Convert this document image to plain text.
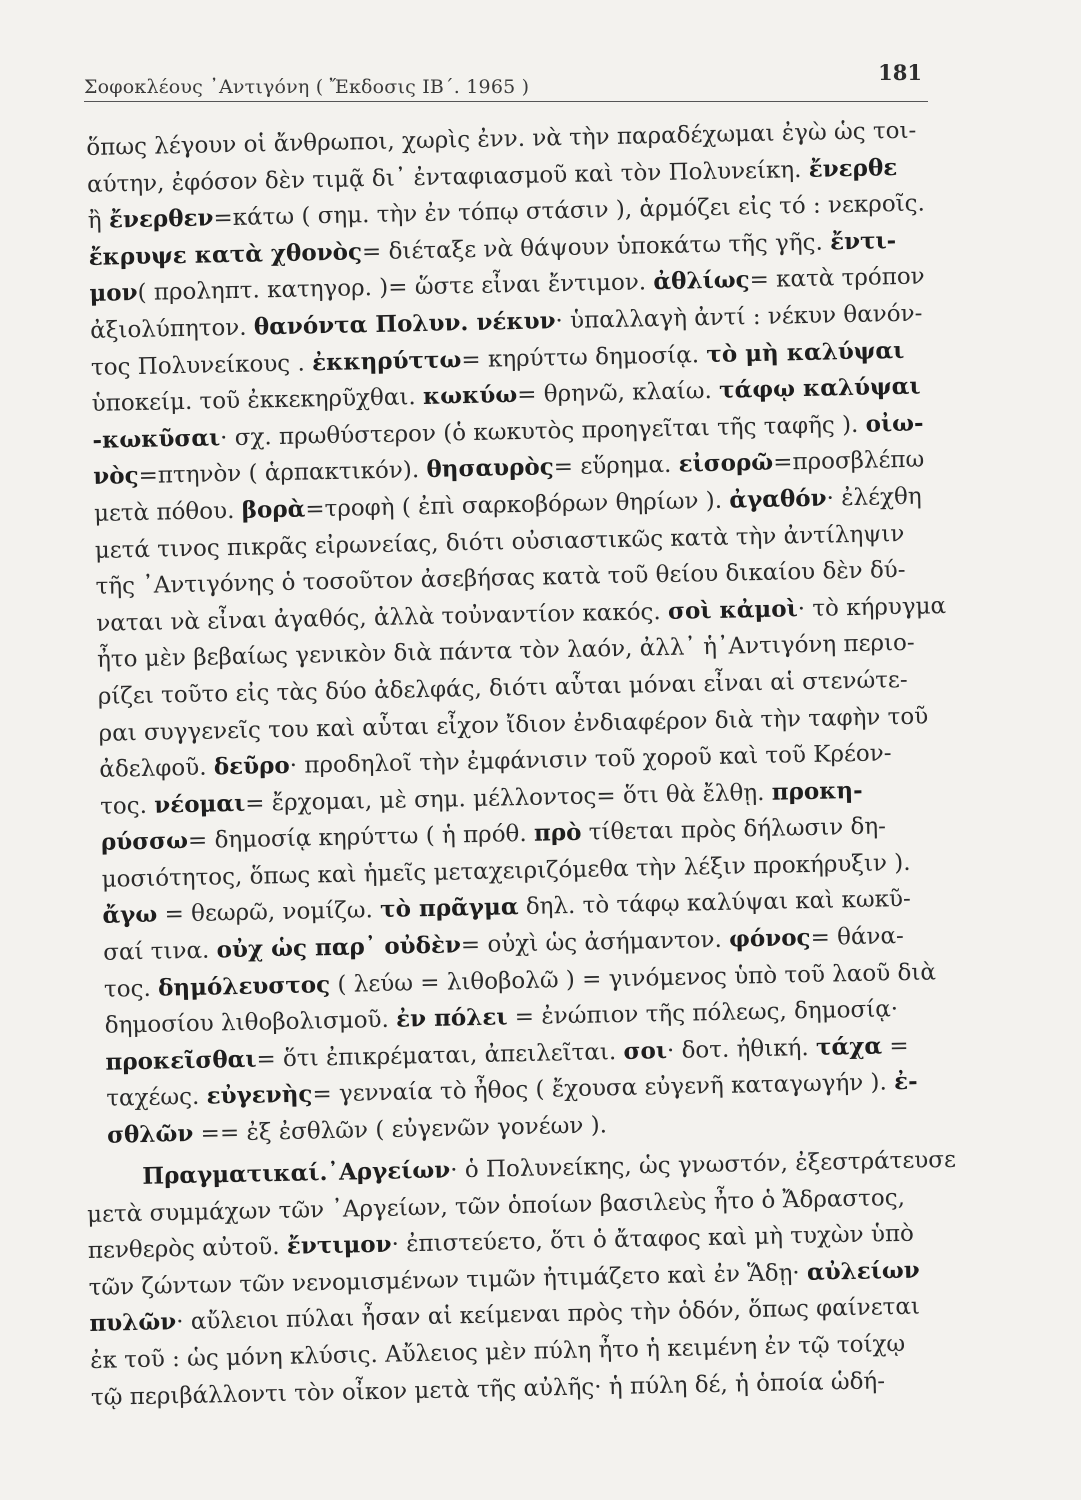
Σοφοκλέους ᾿Αντιγόνη ( Ἔκδοσις ΙΒ΄. 1965 )
181
ὅπως λέγουν οἱ ἄνθρωποι, χωρὶς ἐνν. νὰ τὴν παραδέχωμαι ἐγὼ ὡς τοι-
αύτην, ἐφόσον δὲν τιμᾷ δι᾿ ἐνταφιασμοῦ καὶ τὸν Πολυνείκη. ἔνερθε
ἢ ἔνερθεν=κάτω ( σημ. τὴν ἐν τόπῳ στάσιν ), ἁρμόζει εἰς τό : νεκροῖς.
ἔκρυψε κατὰ χθονὸς= διέταξε νὰ θάψουν ὑποκάτω τῆς γῆς. ἔντι-
μον( προληπτ. κατηγορ. )= ὥστε εἶναι ἔντιμον. ἀθλίως= κατὰ τρόπον
ἀξιολύπητον. θανόντα Πολυν. νέκυν· ὑπαλλαγὴ ἀντί : νέκυν θανόν-
τος Πολυνείκους . ἐκκηρύττω= κηρύττω δημοσίᾳ. τὸ μὴ καλύψαι
ὑποκείμ. τοῦ ἐκκεκηρῦχθαι. κωκύω= θρηνῶ, κλαίω. τάφῳ καλύψαι
-κωκῦσαι· σχ. πρωθύστερον (ὁ κωκυτὸς προηγεῖται τῆς ταφῆς ). οἰω-
νὸς=πτηνὸν ( ἁρπακτικόν). θησαυρὸς= εὕρημα. εἰσορῶ=προσβλέπω
μετὰ πόθου. βορὰ=τροφὴ ( ἐπὶ σαρκοβόρων θηρίων ). ἀγαθόν· ἐλέχθη
μετά τινος πικρᾶς εἰρωνείας, διότι οὐσιαστικῶς κατὰ τὴν ἀντίληψιν
τῆς ᾿Αντιγόνης ὁ τοσοῦτον ἀσεβήσας κατὰ τοῦ θείου δικαίου δὲν δύ-
ναται νὰ εἶναι ἀγαθός, ἀλλὰ τοὐναντίον κακός. σοὶ κἀμοὶ· τὸ κήρυγμα
ἦτο μὲν βεβαίως γενικὸν διὰ πάντα τὸν λαόν, ἀλλ᾿ ἡ᾿Αντιγόνη περιο-
ρίζει τοῦτο εἰς τὰς δύο ἀδελφάς, διότι αὗται μόναι εἶναι αἱ στενώτε-
ραι συγγενεῖς του καὶ αὗται εἶχον ἴδιον ἐνδιαφέρον διὰ τὴν ταφὴν τοῦ
ἀδελφοῦ. δεῦρο· προδηλοῖ τὴν ἐμφάνισιν τοῦ χοροῦ καὶ τοῦ Κρέον-
τος. νέομαι= ἔρχομαι, μὲ σημ. μέλλοντος= ὅτι θὰ ἔλθῃ. προκη-
ρύσσω= δημοσίᾳ κηρύττω ( ἡ πρόθ. πρὸ τίθεται πρὸς δήλωσιν δη-
μοσιότητος, ὅπως καὶ ἡμεῖς μεταχειριζόμεθα τὴν λέξιν προκήρυξιν ).
ἄγω = θεωρῶ, νομίζω. τὸ πρᾶγμα δηλ. τὸ τάφῳ καλύψαι καὶ κωκῦ-
σαί τινα. οὐχ ὡς παρ᾿ οὐδὲν= οὐχὶ ὡς ἀσήμαντον. φόνος= θάνα-
τος. δημόλευστος ( λεύω = λιθοβολῶ ) = γινόμενος ὑπὸ τοῦ λαοῦ διὰ
δημοσίου λιθοβολισμοῦ. ἐν πόλει = ἐνώπιον τῆς πόλεως, δημοσίᾳ·
προκεῖσθαι= ὅτι ἐπικρέμαται, ἀπειλεῖται. σοι· δοτ. ἠθική. τάχα =
ταχέως. εὐγενὴς= γενναία τὸ ἦθος ( ἔχουσα εὐγενῆ καταγωγήν ). ἐ-
σθλῶν == ἐξ ἐσθλῶν ( εὐγενῶν γονέων ).
Πραγματικαί.᾿Αργείων· ὁ Πολυνείκης, ὡς γνωστόν, ἐξεστράτευσε
μετὰ συμμάχων τῶν ᾿Αργείων, τῶν ὁποίων βασιλεὺς ἦτο ὁ Ἄδραστος,
πενθερὸς αὐτοῦ. ἔντιμον· ἐπιστεύετο, ὅτι ὁ ἄταφος καὶ μὴ τυχὼν ὑπὸ
τῶν ζώντων τῶν νενομισμένων τιμῶν ἠτιμάζετο καὶ ἐν Ἅδῃ· αὐλείων
πυλῶν· αὔλειοι πύλαι ἦσαν αἱ κείμεναι πρὸς τὴν ὁδόν, ὅπως φαίνεται
ἐκ τοῦ : ὡς μόνη κλύσις. Αὔλειος μὲν πύλη ἦτο ἡ κειμένη ἐν τῷ τοίχῳ
τῷ περιβάλλοντι τὸν οἶκον μετὰ τῆς αὐλῆς· ἡ πύλη δέ, ἡ ὁποία ὡδή-
